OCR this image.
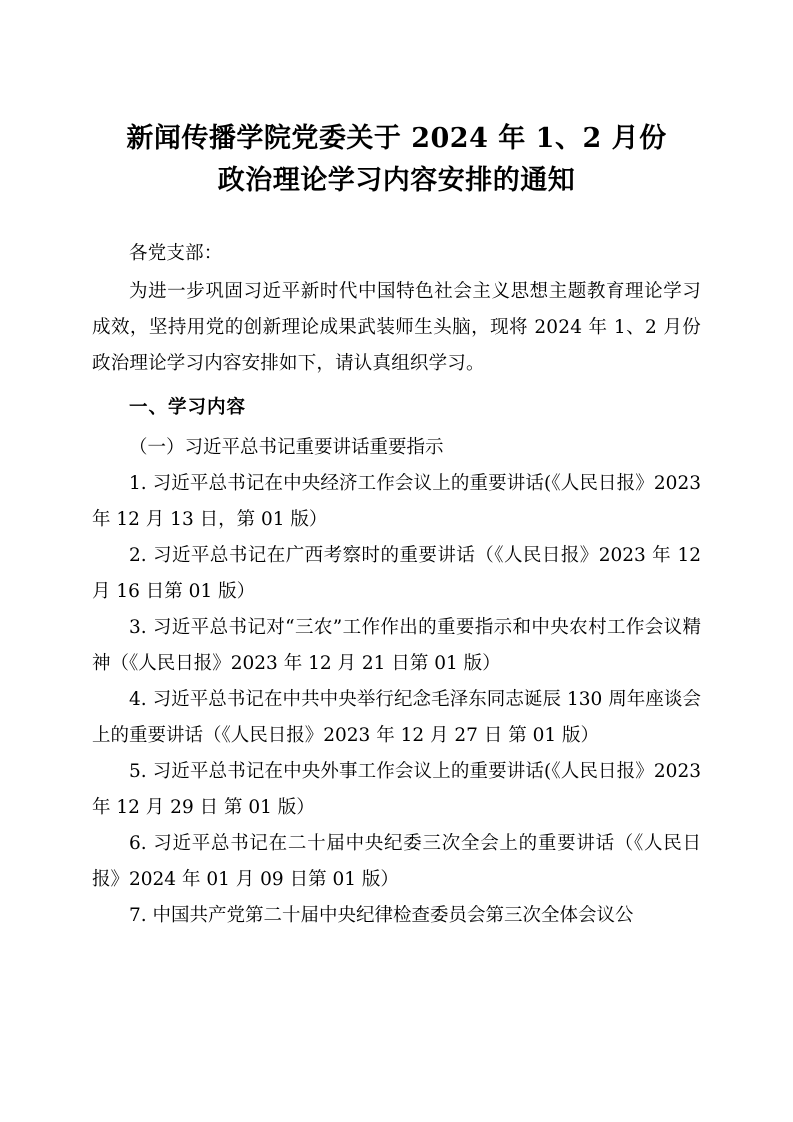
新闻传播学院党委关于 2024 年 1、2 月份
政治理论学习内容安排的通知

各党支部：

为进一步巩固习近平新时代中国特色社会主义思想主题教育理论学习成效，坚持用党的创新理论成果武装师生头脑，现将 2024 年 1、2 月份政治理论学习内容安排如下，请认真组织学习。

一、学习内容

（一）习近平总书记重要讲话重要指示

1. 习近平总书记在中央经济工作会议上的重要讲话(《人民日报》2023 年 12 月 13 日，第 01 版）

2. 习近平总书记在广西考察时的重要讲话（《人民日报》2023 年 12 月 16 日第 01 版）

3. 习近平总书记对“三农”工作作出的重要指示和中央农村工作会议精神（《人民日报》2023 年 12 月 21 日第 01 版）

4. 习近平总书记在中共中央举行纪念毛泽东同志诞辰 130 周年座谈会上的重要讲话（《人民日报》2023 年 12 月 27 日 第 01 版）

5. 习近平总书记在中央外事工作会议上的重要讲话(《人民日报》2023 年 12 月 29 日 第 01 版）

6. 习近平总书记在二十届中央纪委三次全会上的重要讲话（《人民日报》2024 年 01 月 09 日第 01 版）

7. 中国共产党第二十届中央纪律检查委员会第三次全体会议公
